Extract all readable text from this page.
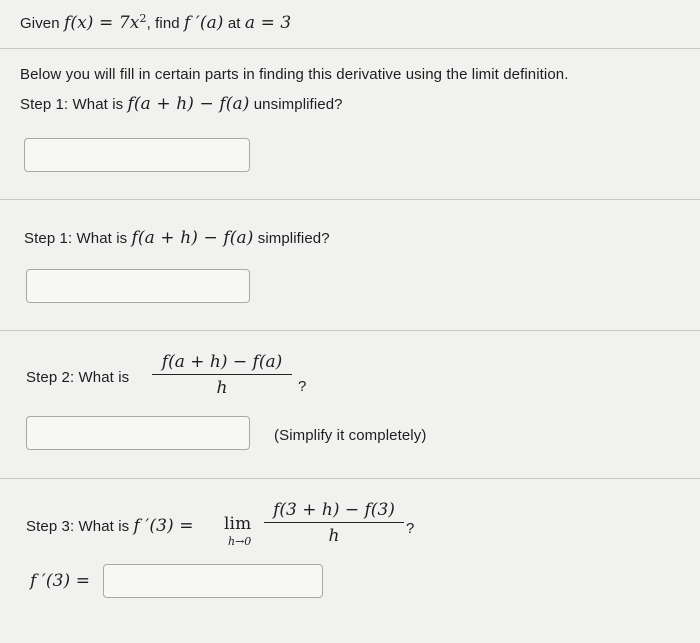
Given $f(x) = 7x^2$, find f ′(a) at a = 3
Below you will fill in certain parts in finding this derivative using the limit definition.
Step 1: What is f(a + h) − f(a) unsimplified?
Step 1: What is f(a + h) − f(a) simplified?
Step 2: What is
f(a + h) − f(a)
h	?
(Simplify it completely)
Step 3: What is f ′(3) = lim
h→0
f(3 + h) − f(3)
h	?
f ′(3) =
